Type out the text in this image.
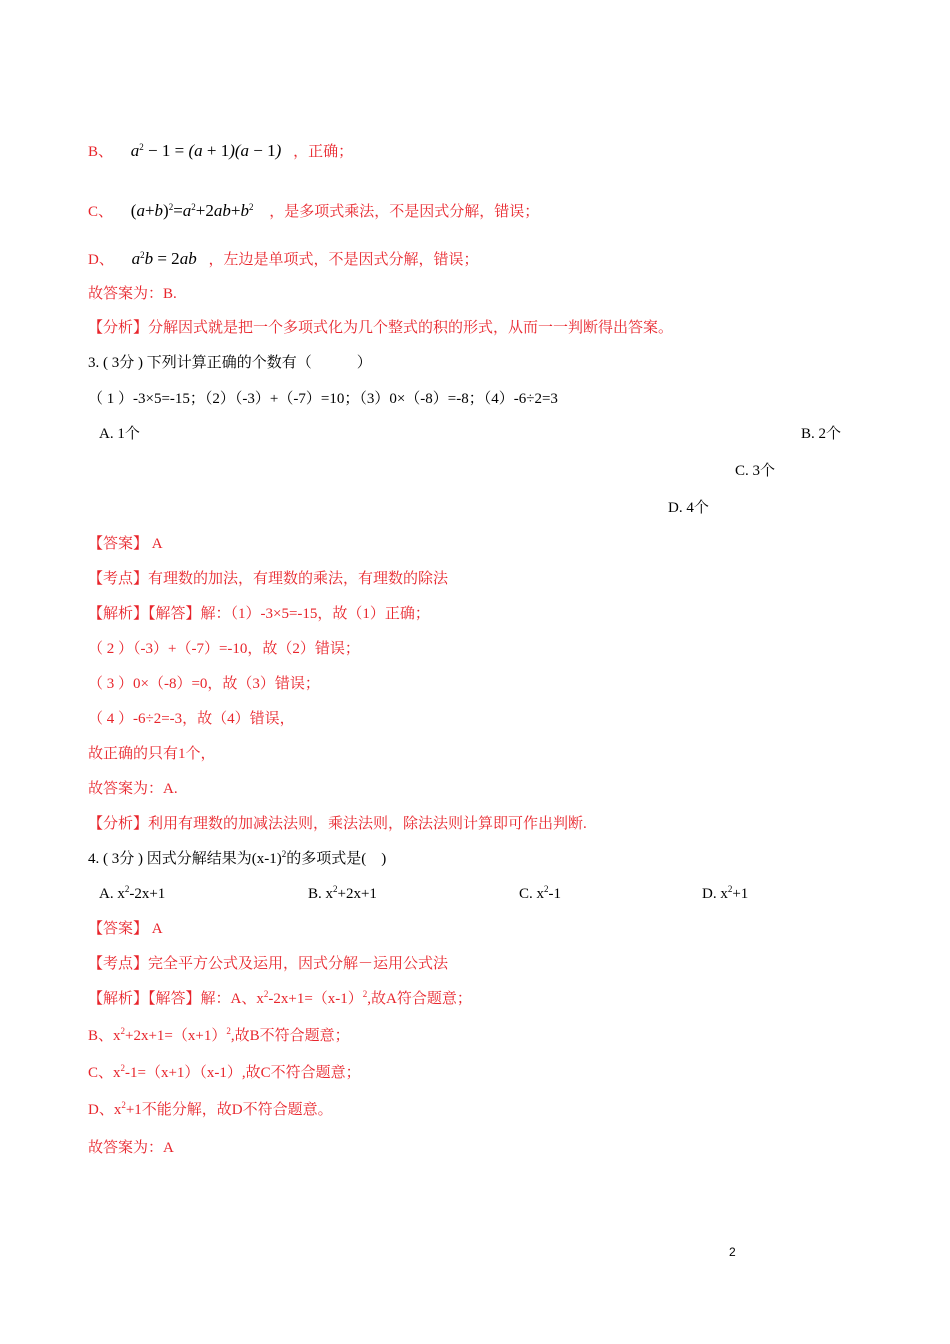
B、 $a^2 - 1 = (a + 1)(a - 1)$ ，正确；
C、 $(a+b)^2=a^2+2ab+b^2$ ，是多项式乘法，不是因式分解，错误；
D、 $a^2b = 2ab$ ，左边是单项式，不是因式分解，错误；
故答案为：B.
【分析】分解因式就是把一个多项式化为几个整式的积的形式，从而一一判断得出答案。
3. ( 3分 ) 下列计算正确的个数有（　　　）
（ 1 ）-3×5=-15；（2）（-3）+（-7）=10；（3）0×（-8）=-8；（4）-6÷2=3
A. 1个	B. 2个
C. 3个
D. 4个
【答案】 A
【考点】有理数的加法，有理数的乘法，有理数的除法
【解析】【解答】解：（1）-3×5=-15，故（1）正确；
（ 2 ）（-3）+（-7）=-10，故（2）错误；
（ 3 ）0×（-8）=0，故（3）错误；
（ 4 ）-6÷2=-3，故（4）错误，
故正确的只有1个，
故答案为：A.
【分析】利用有理数的加减法法则，乘法法则，除法法则计算即可作出判断.
4. ( 3分 ) 因式分解结果为$(x-1)^2$的多项式是(　)
A. $x^2-2x+1$	B. $x^2+2x+1$	C. $x^2-1$	D. $x^2+1$
【答案】 A
【考点】完全平方公式及运用，因式分解－运用公式法
【解析】【解答】解：A、$x^2-2x+1=(x-1)^2$,故A符合题意；
B、$x^2+2x+1=(x+1)^2$,故B不符合题意；
C、$x^2-1=(x+1)(x-1)$,故C不符合题意；
D、$x^2+1$不能分解，故D不符合题意。
故答案为：A
2
